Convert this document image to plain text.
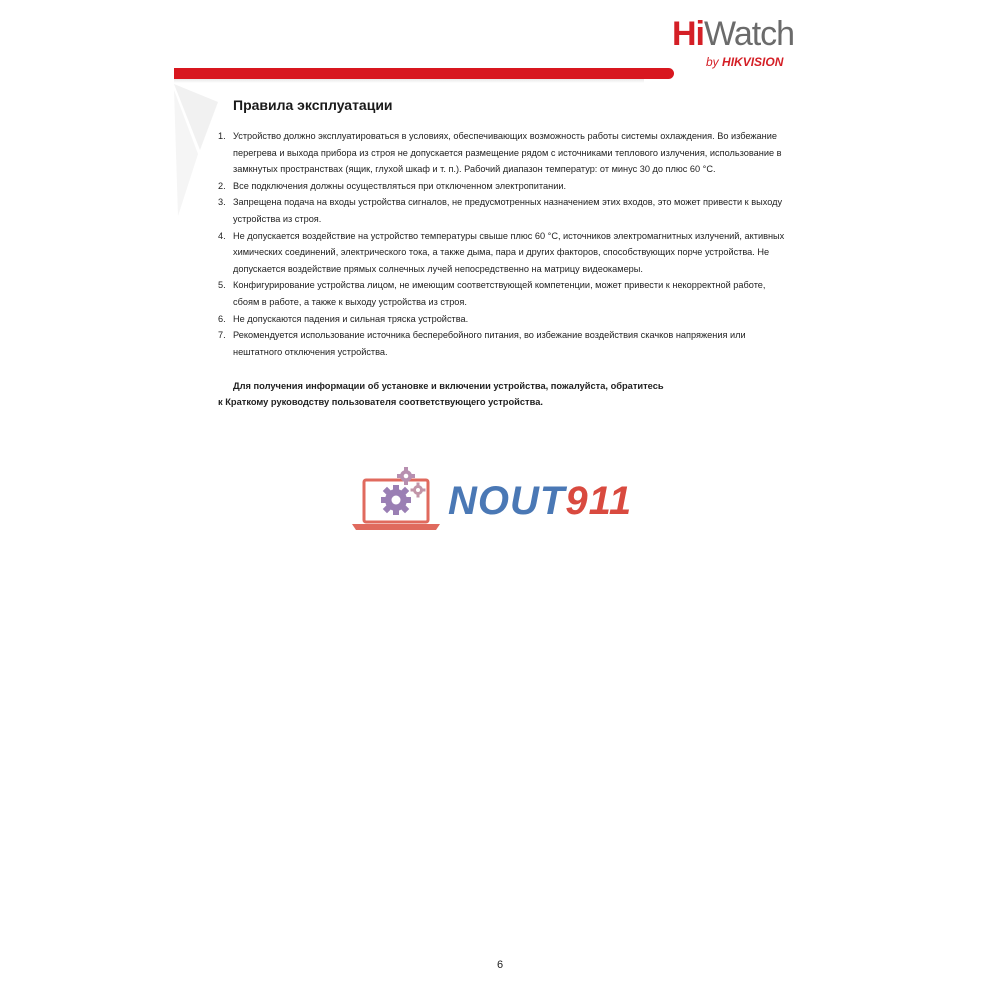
HiWatch
by HIKVISION
Правила эксплуатации
1. Устройство должно эксплуатироваться в условиях, обеспечивающих возможность работы системы охлаждения. Во избежание перегрева и выхода прибора из строя не допускается размещение рядом с источниками теплового излучения, использование в замкнутых пространствах (ящик, глухой шкаф и т. п.). Рабочий диапазон температур: от минус 30 до плюс 60 °C.
2. Все подключения должны осуществляться при отключенном электропитании.
3. Запрещена подача на входы устройства сигналов, не предусмотренных назначением этих входов, это может привести к выходу устройства из строя.
4. Не допускается воздействие на устройство температуры свыше плюс 60 °C, источников электромагнитных излучений, активных химических соединений, электрического тока, а также дыма, пара и других факторов, способствующих порче устройства. Не допускается воздействие прямых солнечных лучей непосредственно на матрицу видеокамеры.
5. Конфигурирование устройства лицом, не имеющим соответствующей компетенции, может привести к некорректной работе, сбоям в работе, а также к выходу устройства из строя.
6. Не допускаются падения и сильная тряска устройства.
7. Рекомендуется использование источника бесперебойного питания, во избежание воздействия скачков напряжения или нештатного отключения устройства.
Для получения информации об установке и включении устройства, пожалуйста, обратитесь
к Краткому руководству пользователя соответствующего устройства.
NOUT911
6
